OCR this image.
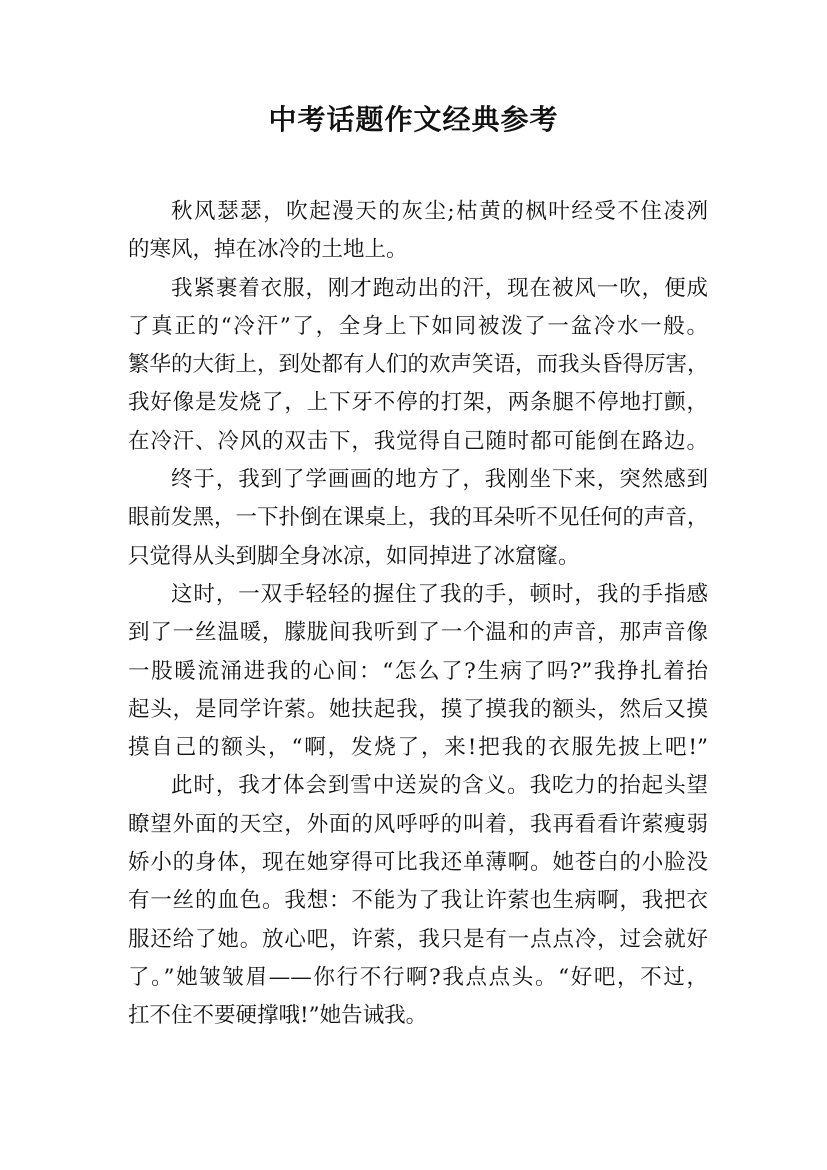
中考话题作文经典参考
秋风瑟瑟，吹起漫天的灰尘;枯黄的枫叶经受不住凌冽
的寒风，掉在冰冷的土地上。
我紧裹着衣服，刚才跑动出的汗，现在被风一吹，便成
了真正的“冷汗”了，全身上下如同被泼了一盆冷水一般。
繁华的大街上，到处都有人们的欢声笑语，而我头昏得厉害，
我好像是发烧了，上下牙不停的打架，两条腿不停地打颤，
在冷汗、冷风的双击下，我觉得自己随时都可能倒在路边。
终于，我到了学画画的地方了，我刚坐下来，突然感到
眼前发黑，一下扑倒在课桌上，我的耳朵听不见任何的声音，
只觉得从头到脚全身冰凉，如同掉进了冰窟窿。
这时，一双手轻轻的握住了我的手，顿时，我的手指感
到了一丝温暖，朦胧间我听到了一个温和的声音，那声音像
一股暖流涌进我的心间：“怎么了?生病了吗?”我挣扎着抬
起头，是同学许萦。她扶起我，摸了摸我的额头，然后又摸
摸自己的额头，“啊，发烧了，来!把我的衣服先披上吧!”
此时，我才体会到雪中送炭的含义。我吃力的抬起头望
瞭望外面的天空，外面的风呼呼的叫着，我再看看许萦瘦弱
娇小的身体，现在她穿得可比我还单薄啊。她苍白的小脸没
有一丝的血色。我想：不能为了我让许萦也生病啊，我把衣
服还给了她。放心吧，许萦，我只是有一点点冷，过会就好
了。”她皱皱眉——你行不行啊?我点点头。“好吧，不过，
扛不住不要硬撑哦!”她告诫我。
